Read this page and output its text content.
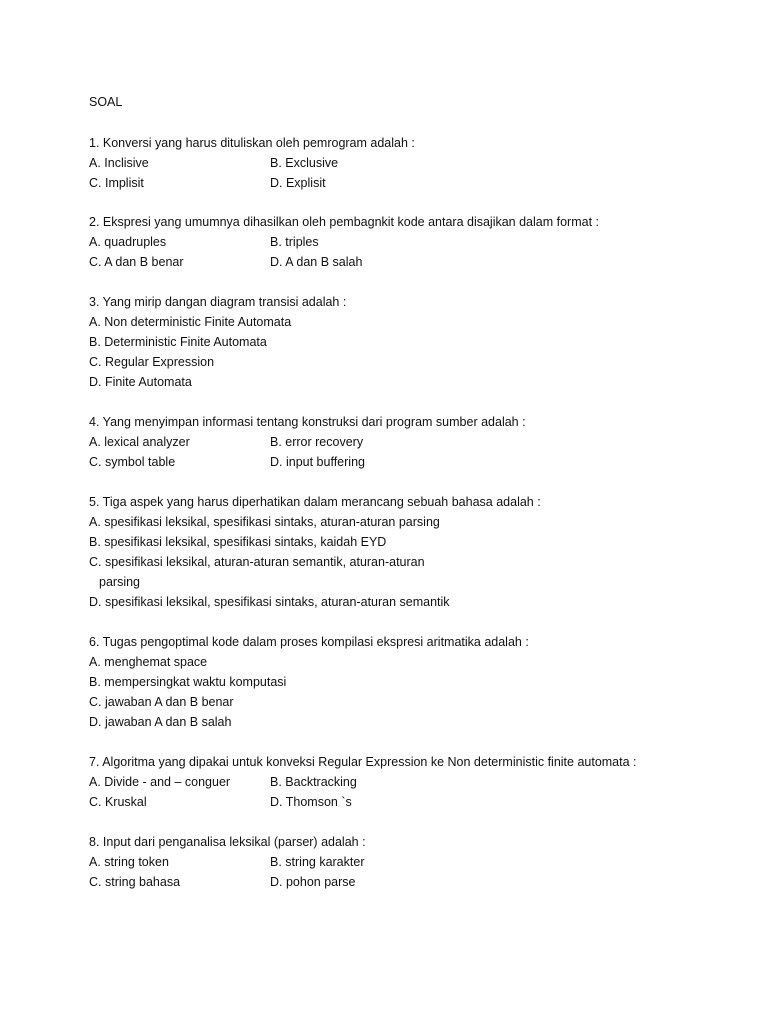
SOAL
1. Konversi yang harus dituliskan oleh pemrogram adalah :
A. Inclisive	B. Exclusive
C. Implisit	D. Explisit
2. Ekspresi yang umumnya dihasilkan oleh pembagnkit kode antara disajikan dalam format :
A. quadruples	B. triples
C. A dan B benar	D. A dan B salah
3. Yang mirip dangan diagram transisi adalah :
A. Non deterministic Finite Automata
B. Deterministic Finite Automata
C. Regular Expression
D. Finite Automata
4. Yang menyimpan informasi tentang konstruksi dari program sumber adalah :
A. lexical analyzer	B. error recovery
C. symbol table	D. input buffering
5. Tiga aspek yang harus diperhatikan dalam merancang sebuah bahasa adalah :
A. spesifikasi leksikal, spesifikasi sintaks, aturan-aturan parsing
B. spesifikasi leksikal, spesifikasi sintaks, kaidah EYD
C. spesifikasi leksikal, aturan-aturan semantik, aturan-aturan
parsing
D. spesifikasi leksikal, spesifikasi sintaks, aturan-aturan semantik
6. Tugas pengoptimal kode dalam proses kompilasi ekspresi aritmatika adalah :
A. menghemat space
B. mempersingkat waktu komputasi
C. jawaban A dan B benar
D. jawaban A dan B salah
7. Algoritma yang dipakai untuk konveksi Regular Expression ke Non deterministic finite automata :
A. Divide - and – conguer	B. Backtracking
C. Kruskal	D. Thomson `s
8. Input dari penganalisa leksikal (parser) adalah :
A. string token	B. string karakter
C. string bahasa	D. pohon parse
